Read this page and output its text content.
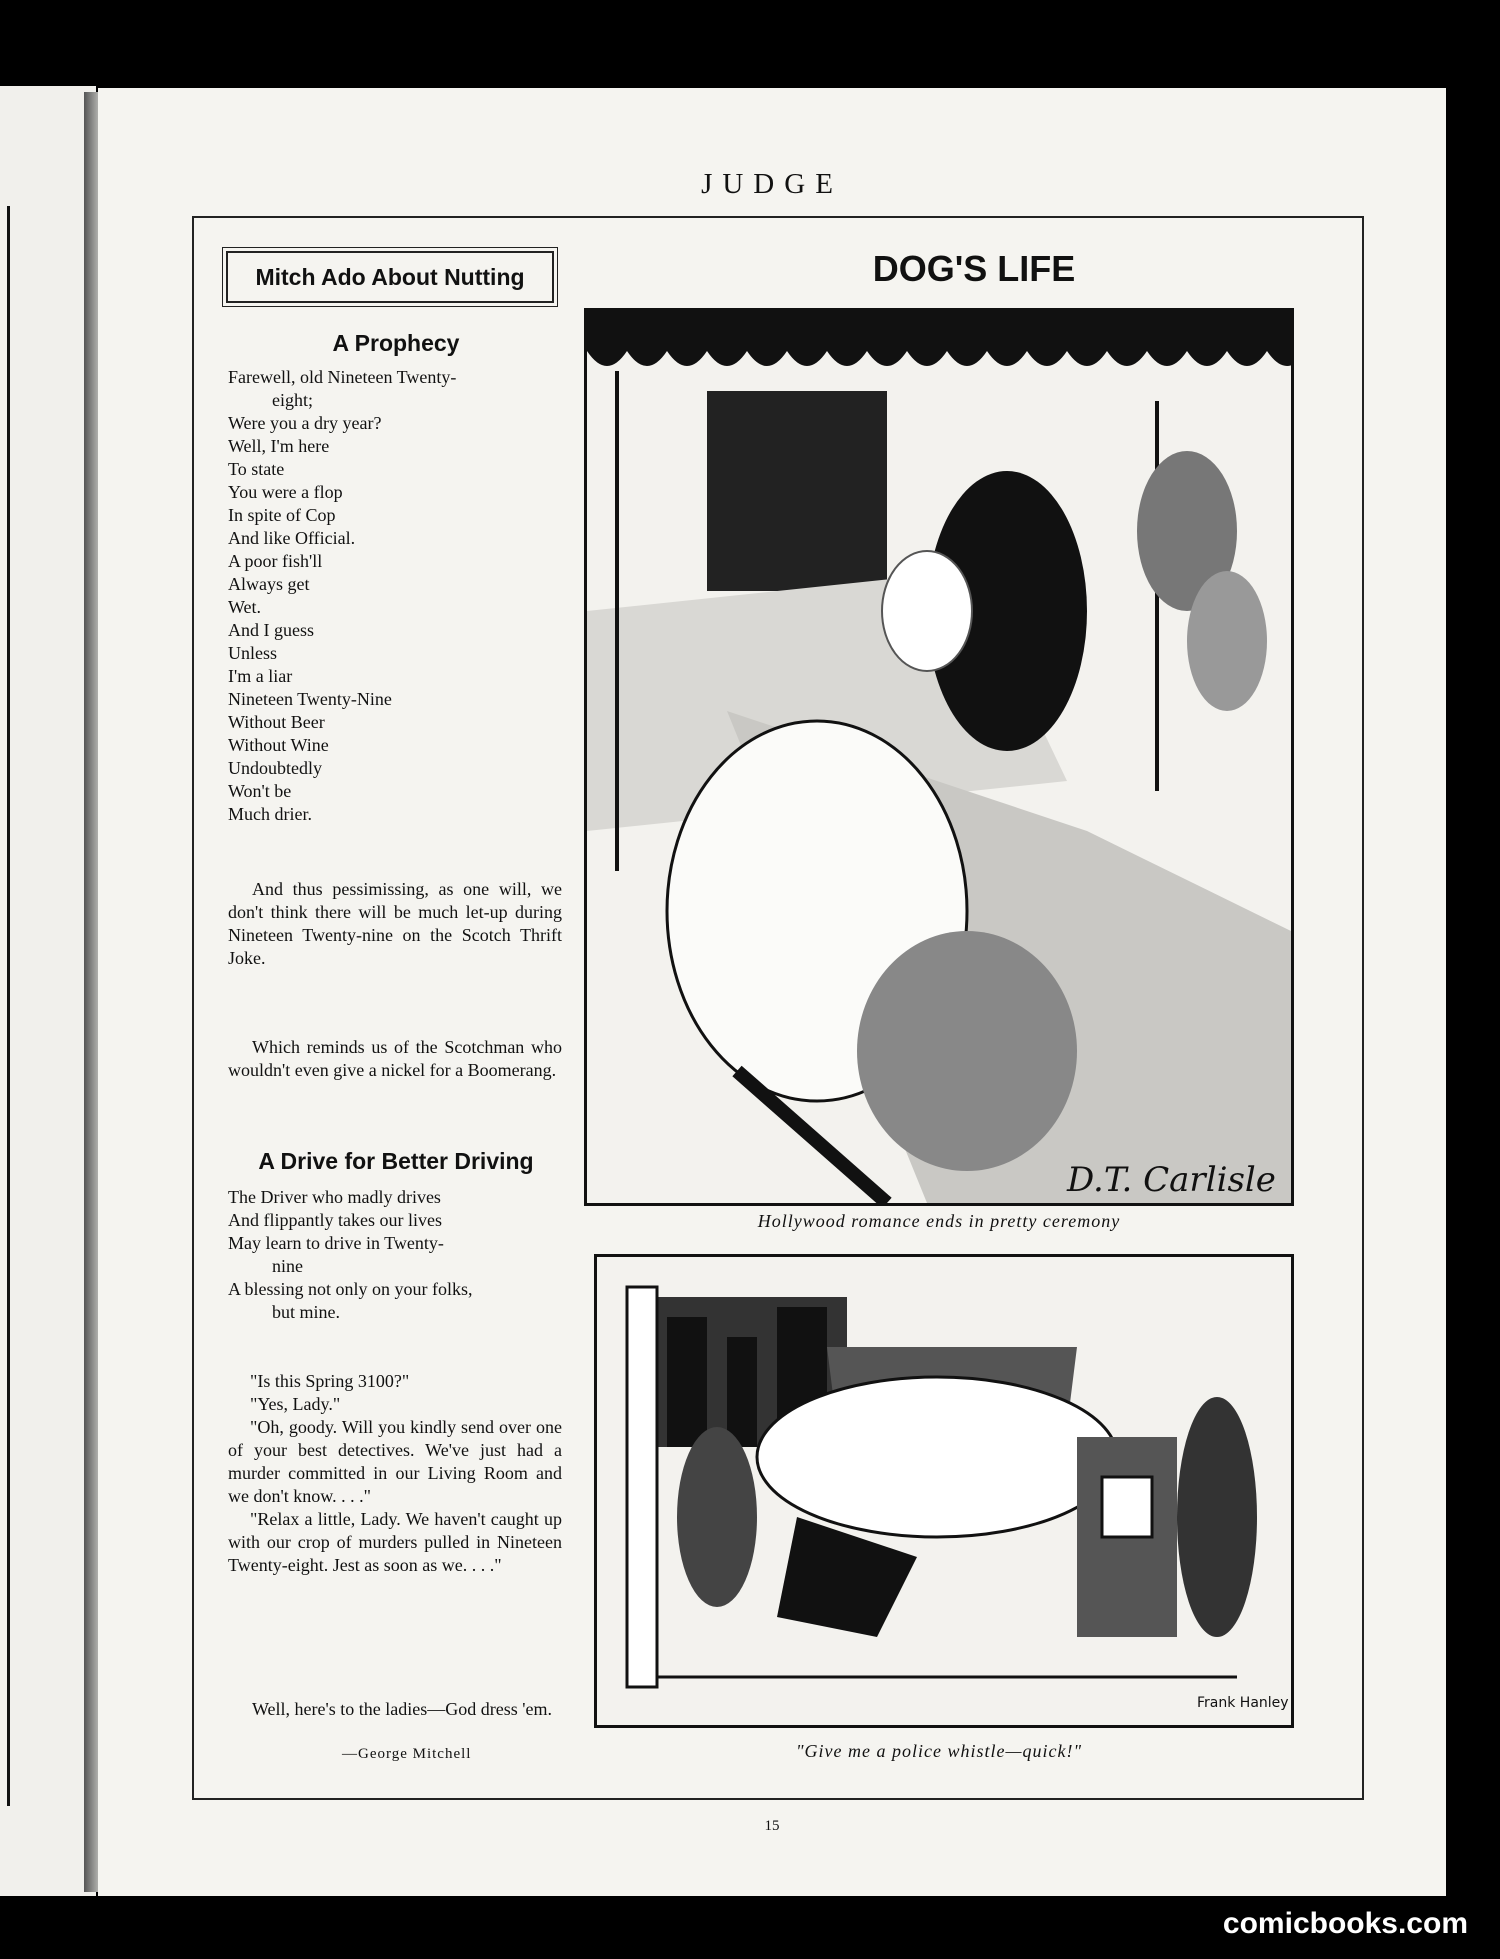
JUDGE
Mitch Ado About Nutting
A Prophecy
Farewell, old Nineteen Twenty-
eight;
Were you a dry year?
Well, I'm here
To state
You were a flop
In spite of Cop
And like Official.
A poor fish'll
Always get
Wet.
And I guess
Unless
I'm a liar
Nineteen Twenty-Nine
Without Beer
Without Wine
Undoubtedly
Won't be
Much drier.

And thus pessimissing, as one will, we don't think there will be much let-up during Nineteen Twenty-nine on the Scotch Thrift Joke.

Which reminds us of the Scotchman who wouldn't even give a nickel for a Boomerang.

A Drive for Better Driving
The Driver who madly drives
And flippantly takes our lives
May learn to drive in Twenty-
nine
A blessing not only on your folks,
but mine.

"Is this Spring 3100?"

"Yes, Lady."

"Oh, goody. Will you kindly send over one of your best detectives. We've just had a murder committed in our Living Room and we don't know. . . ."

"Relax a little, Lady. We haven't caught up with our crop of murders pulled in Nineteen Twenty-eight. Jest as soon as we. . . ."

Well, here's to the ladies—God dress 'em.

—George Mitchell
DOG'S LIFE
D.T. Carlisle
Hollywood romance ends in pretty ceremony
Frank Hanley
"Give me a police whistle—quick!"
15
comicbooks.com
